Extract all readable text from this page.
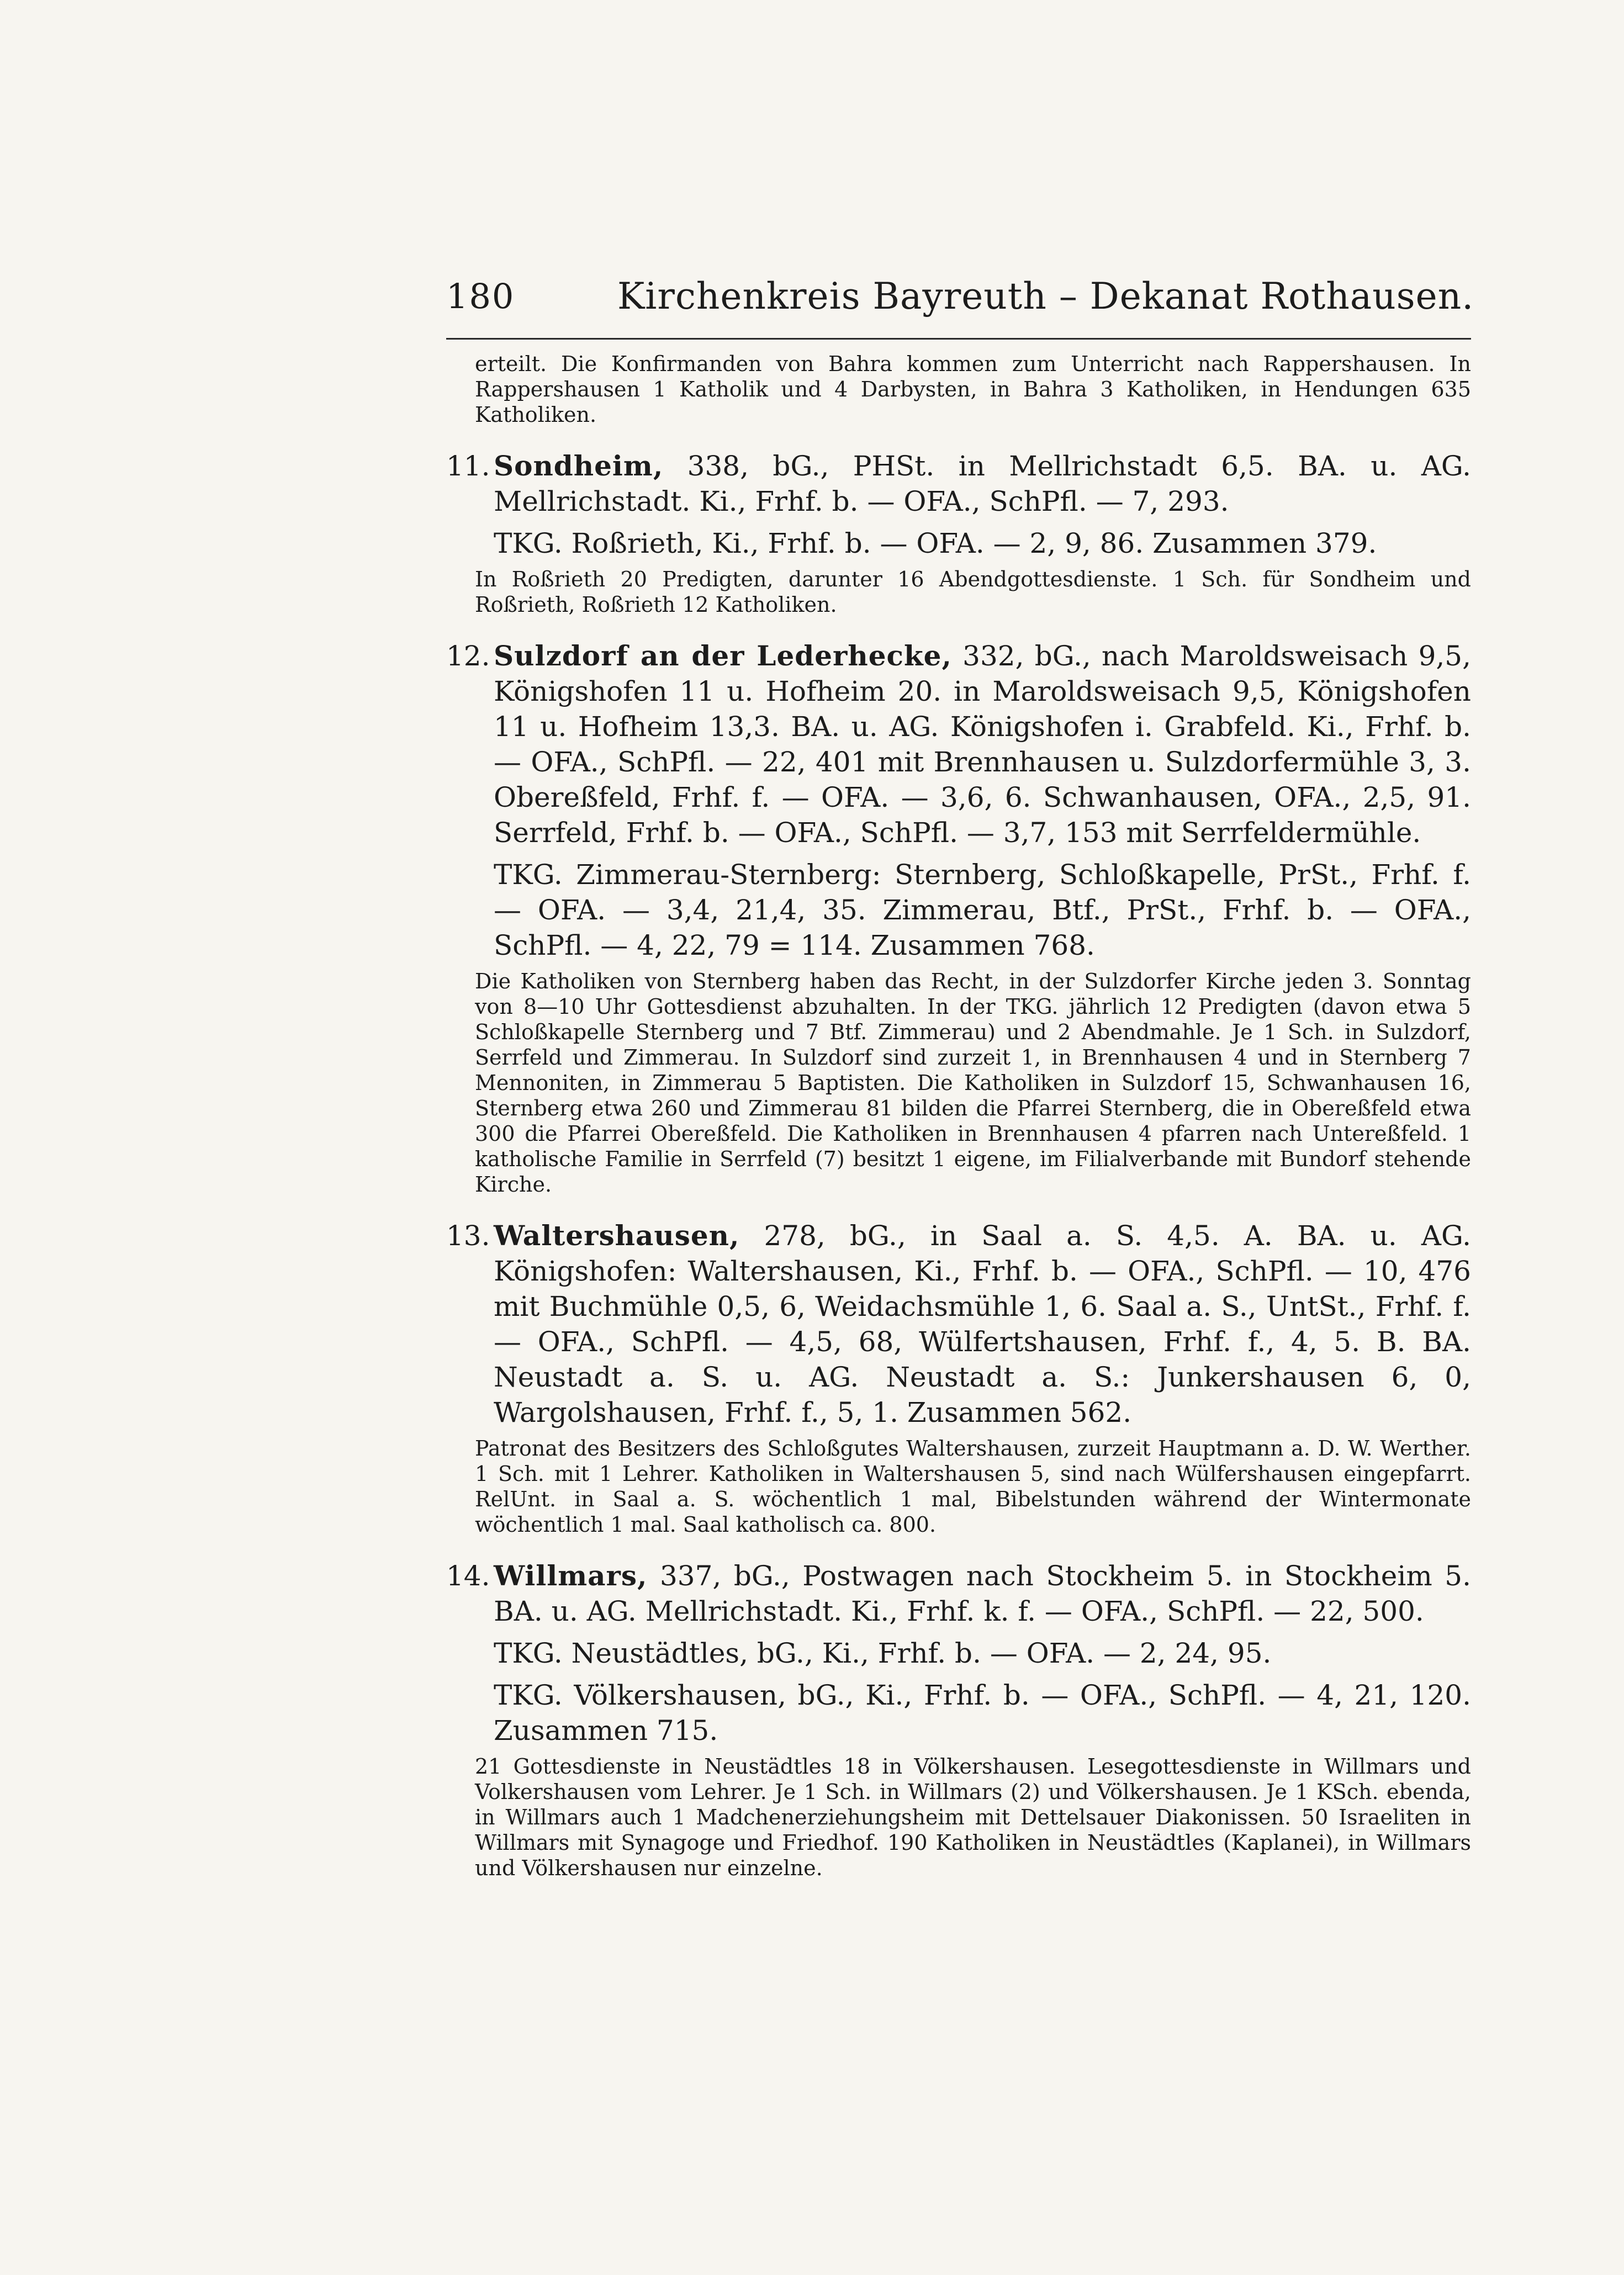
180	Kirchenkreis Bayreuth – Dekanat Rothausen.

erteilt. Die Konfirmanden von Bahra kommen zum Unterricht nach Rappershausen. In Rappershausen 1 Katholik und 4 Darbysten, in Bahra 3 Katholiken, in Hendungen 635 Katholiken.

11. Sondheim, 338, bG., PHSt. in Mellrichstadt 6,5. BA. u. AG. Mellrichstadt. Ki., Frhf. b. — OFA., SchPfl. — 7, 293.

TKG. Roßrieth, Ki., Frhf. b. — OFA. — 2, 9, 86. Zusammen 379.

In Roßrieth 20 Predigten, darunter 16 Abendgottesdienste. 1 Sch. für Sondheim und Roßrieth, Roßrieth 12 Katholiken.

12. Sulzdorf an der Lederhecke, 332, bG., nach Maroldsweisach 9,5, Königshofen 11 u. Hofheim 20. in Maroldsweisach 9,5, Königshofen 11 u. Hofheim 13,3. BA. u. AG. Königshofen i. Grabfeld. Ki., Frhf. b. — OFA., SchPfl. — 22, 401 mit Brennhausen u. Sulzdorfermühle 3, 3. Obereßfeld, Frhf. f. — OFA. — 3,6, 6. Schwanhausen, OFA., 2,5, 91. Serrfeld, Frhf. b. — OFA., SchPfl. — 3,7, 153 mit Serrfeldermühle.

TKG. Zimmerau-Sternberg: Sternberg, Schloßkapelle, PrSt., Frhf. f. — OFA. — 3,4, 21,4, 35. Zimmerau, Btf., PrSt., Frhf. b. — OFA., SchPfl. — 4, 22, 79 = 114. Zusammen 768.

Die Katholiken von Sternberg haben das Recht, in der Sulzdorfer Kirche jeden 3. Sonntag von 8—10 Uhr Gottesdienst abzuhalten. In der TKG. jährlich 12 Predigten (davon etwa 5 Schloßkapelle Sternberg und 7 Btf. Zimmerau) und 2 Abendmahle. Je 1 Sch. in Sulzdorf, Serrfeld und Zimmerau. In Sulzdorf sind zurzeit 1, in Brennhausen 4 und in Sternberg 7 Mennoniten, in Zimmerau 5 Baptisten. Die Katholiken in Sulzdorf 15, Schwanhausen 16, Sternberg etwa 260 und Zimmerau 81 bilden die Pfarrei Sternberg, die in Obereßfeld etwa 300 die Pfarrei Obereßfeld. Die Katholiken in Brennhausen 4 pfarren nach Untereßfeld. 1 katholische Familie in Serrfeld (7) besitzt 1 eigene, im Filialverbande mit Bundorf stehende Kirche.

13. Waltershausen, 278, bG., in Saal a. S. 4,5. A. BA. u. AG. Königshofen: Waltershausen, Ki., Frhf. b. — OFA., SchPfl. — 10, 476 mit Buchmühle 0,5, 6, Weidachsmühle 1, 6. Saal a. S., UntSt., Frhf. f. — OFA., SchPfl. — 4,5, 68, Wülfertshausen, Frhf. f., 4, 5. B. BA. Neustadt a. S. u. AG. Neustadt a. S.: Junkershausen 6, 0, Wargolshausen, Frhf. f., 5, 1. Zusammen 562.

Patronat des Besitzers des Schloßgutes Waltershausen, zurzeit Hauptmann a. D. W. Werther. 1 Sch. mit 1 Lehrer. Katholiken in Waltershausen 5, sind nach Wülfershausen eingepfarrt. RelUnt. in Saal a. S. wöchentlich 1 mal, Bibelstunden während der Wintermonate wöchentlich 1 mal. Saal katholisch ca. 800.

14. Willmars, 337, bG., Postwagen nach Stockheim 5. in Stockheim 5. BA. u. AG. Mellrichstadt. Ki., Frhf. k. f. — OFA., SchPfl. — 22, 500.

TKG. Neustädtles, bG., Ki., Frhf. b. — OFA. — 2, 24, 95.

TKG. Völkershausen, bG., Ki., Frhf. b. — OFA., SchPfl. — 4, 21, 120. Zusammen 715.

21 Gottesdienste in Neustädtles 18 in Völkershausen. Lesegottesdienste in Willmars und Volkershausen vom Lehrer. Je 1 Sch. in Willmars (2) und Völkershausen. Je 1 KSch. ebenda, in Willmars auch 1 Madchenerziehungsheim mit Dettelsauer Diakonissen. 50 Israeliten in Willmars mit Synagoge und Friedhof. 190 Katholiken in Neustädtles (Kaplanei), in Willmars und Völkershausen nur einzelne.
